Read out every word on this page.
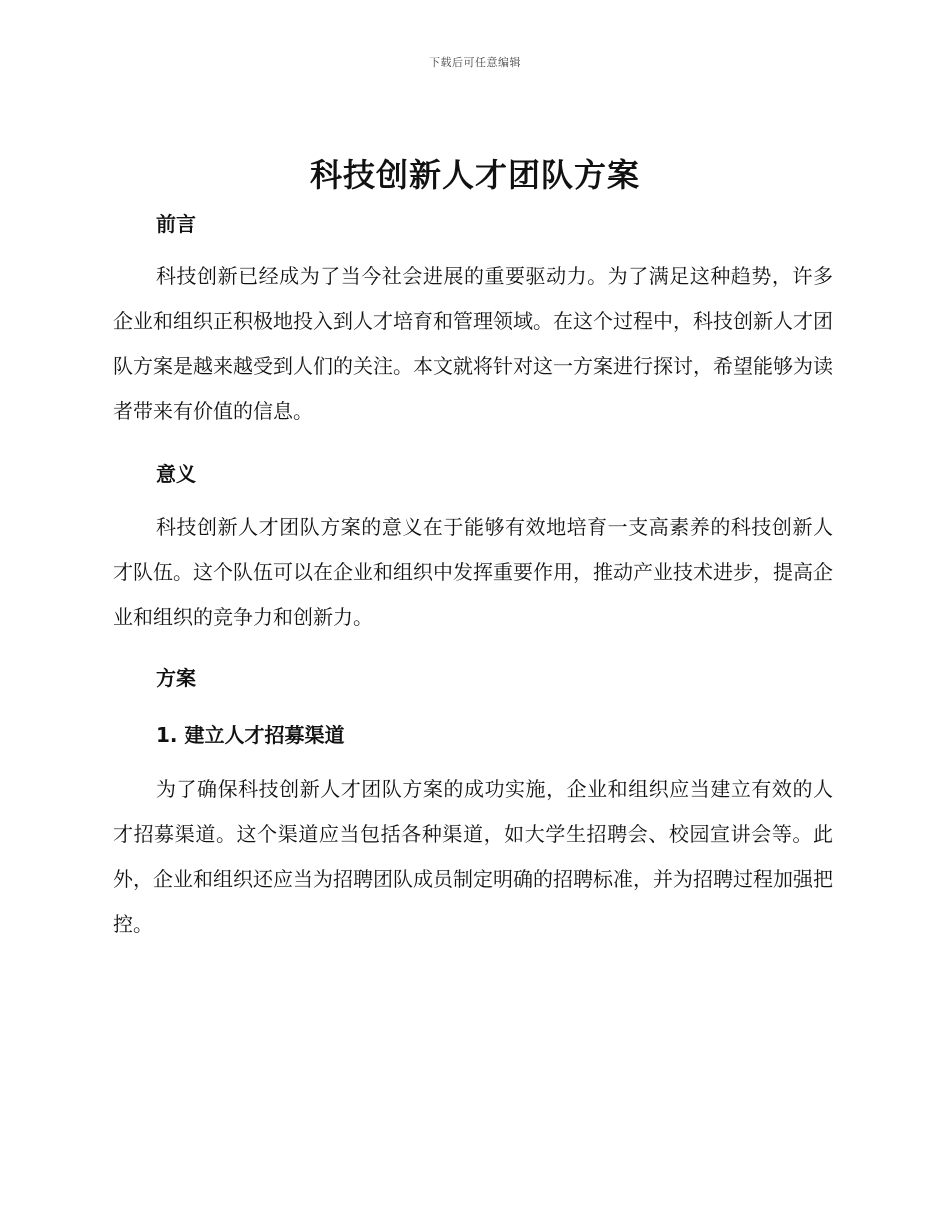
下载后可任意编辑
科技创新人才团队方案
前言

科技创新已经成为了当今社会进展的重要驱动力。为了满足这种趋势，许多企业和组织正积极地投入到人才培育和管理领域。在这个过程中，科技创新人才团队方案是越来越受到人们的关注。本文就将针对这一方案进行探讨，希望能够为读者带来有价值的信息。

意义

科技创新人才团队方案的意义在于能够有效地培育一支高素养的科技创新人才队伍。这个队伍可以在企业和组织中发挥重要作用，推动产业技术进步，提高企业和组织的竞争力和创新力。

方案
1. 建立人才招募渠道

为了确保科技创新人才团队方案的成功实施，企业和组织应当建立有效的人才招募渠道。这个渠道应当包括各种渠道，如大学生招聘会、校园宣讲会等。此外，企业和组织还应当为招聘团队成员制定明确的招聘标准，并为招聘过程加强把控。
